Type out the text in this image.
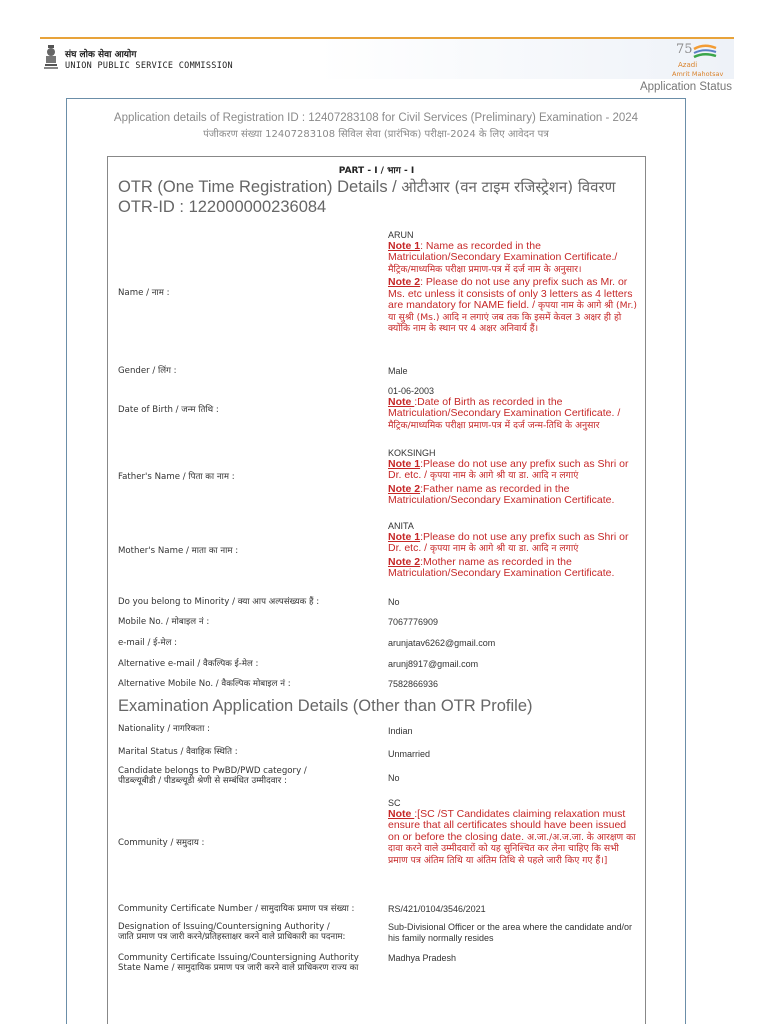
संघ लोक सेवा आयोग
UNION PUBLIC SERVICE COMMISSION
75
Azadi
Amrit Mahotsav
Application Status
Application details of Registration ID : 12407283108 for Civil Services (Preliminary) Examination - 2024
पंजीकरण संख्या 12407283108 सिविल सेवा (प्रारंभिक) परीक्षा-2024 के लिए आवेदन पत्र
PART - I / भाग - I
OTR (One Time Registration) Details / ओटीआर (वन टाइम रजिस्ट्रेशन) विवरण
OTR-ID : 122000000236084
Name / नाम :
ARUN
Note 1: Name as recorded in the Matriculation/Secondary Examination Certificate./
मैट्रिक/माध्यमिक परीक्षा प्रमाण-पत्र में दर्ज नाम के अनुसार।
Note 2: Please do not use any prefix such as Mr. or Ms. etc unless it consists of only 3 letters as 4 letters are mandatory for NAME field. / कृपया नाम के आगे श्री (Mr.) या सुश्री (Ms.) आदि न लगाएं जब तक कि इसमें केवल 3 अक्षर ही हो क्योंकि नाम के स्थान पर 4 अक्षर अनिवार्य हैं।
Gender / लिंग :	Male
Date of Birth / जन्म तिथि :
01-06-2003
Note :Date of Birth as recorded in the Matriculation/Secondary Examination Certificate. /
मैट्रिक/माध्यमिक परीक्षा प्रमाण-पत्र में दर्ज जन्म-तिथि के अनुसार
Father's Name / पिता का नाम :
KOKSINGH
Note 1:Please do not use any prefix such as Shri or Dr. etc. / कृपया नाम के आगे श्री या डा. आदि न लगाएं
Note 2:Father name as recorded in the Matriculation/Secondary Examination Certificate.
Mother's Name / माता का नाम :
ANITA
Note 1:Please do not use any prefix such as Shri or Dr. etc. / कृपया नाम के आगे श्री या डा. आदि न लगाएं
Note 2:Mother name as recorded in the Matriculation/Secondary Examination Certificate.
Do you belong to Minority / क्या आप अल्पसंख्यक हैं :	No
Mobile No. / मोबाइल नं :	7067776909
e-mail / ई-मेल :	arunjatav6262@gmail.com
Alternative e-mail / वैकल्पिक ई-मेल :	arunj8917@gmail.com
Alternative Mobile No. / वैकल्पिक मोबाइल नं :	7582866936
Examination Application Details (Other than OTR Profile)
Nationality / नागरिकता :	Indian
Marital Status / वैवाहिक स्थिति :	Unmarried
Candidate belongs to PwBD/PWD category /
पीडब्ल्यूबीडी / पीडब्ल्यूडी श्रेणी से सम्बंधित उम्मीदवार :	No
Community / समुदाय :
SC
Note :[SC /ST Candidates claiming relaxation must ensure that all certificates should have been issued on or before the closing date. अ.जा./अ.ज.जा. के आरक्षण का दावा करने वाले उम्मीदवारों को यह सुनिश्चित कर लेना चाहिए कि सभी प्रमाण पत्र अंतिम तिथि या अंतिम तिथि से पहले जारी किए गए हैं।]
Community Certificate Number / सामुदायिक प्रमाण पत्र संख्या :	RS/421/0104/3546/2021
Designation of Issuing/Countersigning Authority /
जाति प्रमाण पत्र जारी करने/प्रतिहस्ताक्षर करने वाले प्राधिकारी का पदनाम:
Sub-Divisional Officer or the area where the candidate and/or his family normally resides
Community Certificate Issuing/Countersigning Authority State Name / सामुदायिक प्रमाण पत्र जारी करने वाले प्राधिकरण राज्य का
Madhya Pradesh
